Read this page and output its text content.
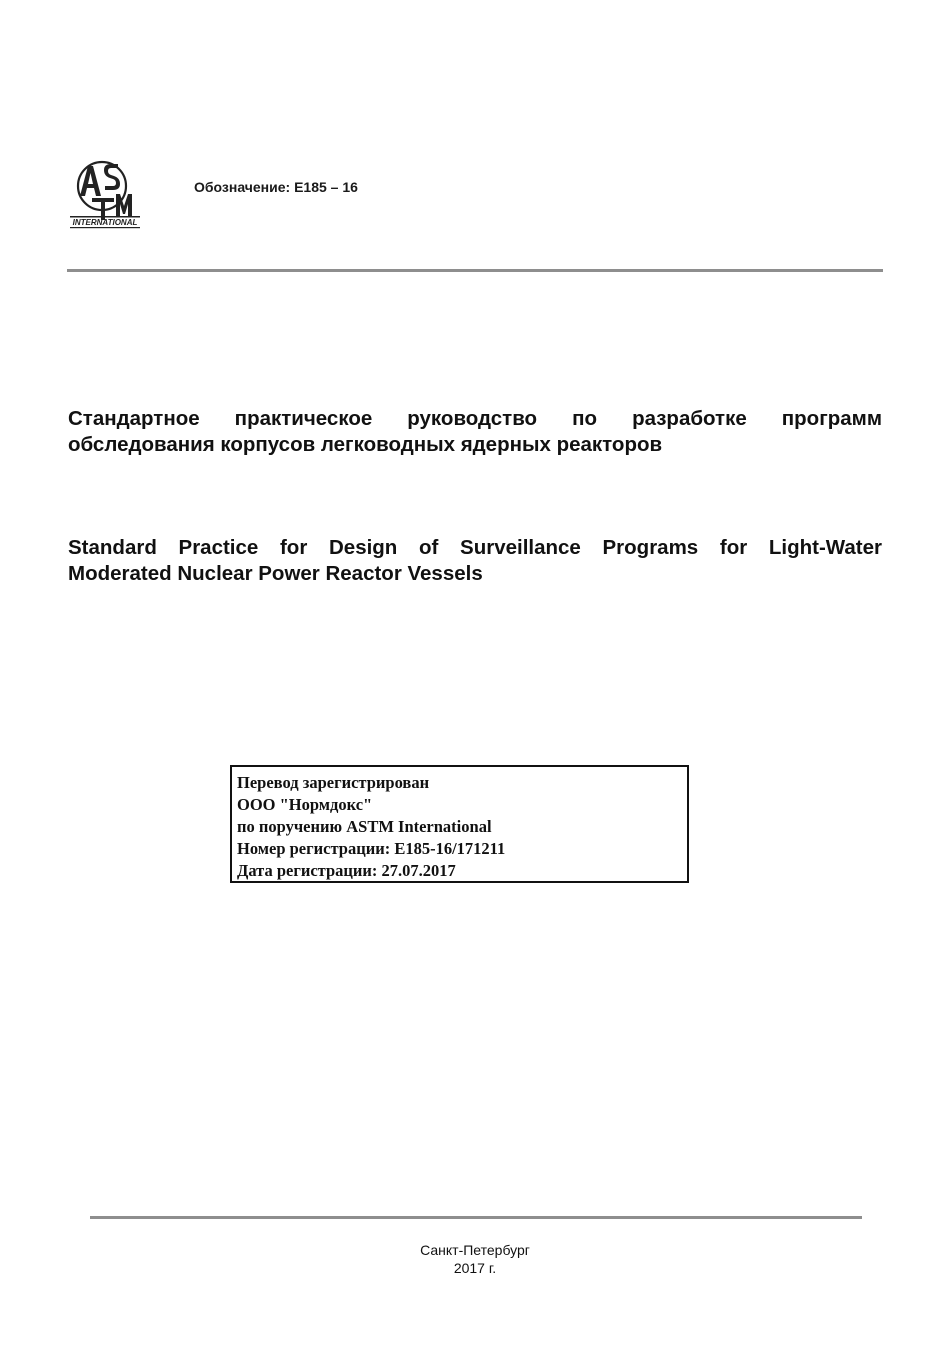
INTERNATIONAL
Обозначение: E185 – 16
Стандартное практическое руководство по разработке программ
обследования корпусов легководных ядерных реакторов
Standard Practice for Design of Surveillance Programs for Light-Water
Moderated Nuclear Power Reactor Vessels
Перевод зарегистрирован
ООО "Нормдокс"
по поручению ASTM International
Номер регистрации: E185-16/171211
Дата регистрации: 27.07.2017
Санкт-Петербург
2017 г.
